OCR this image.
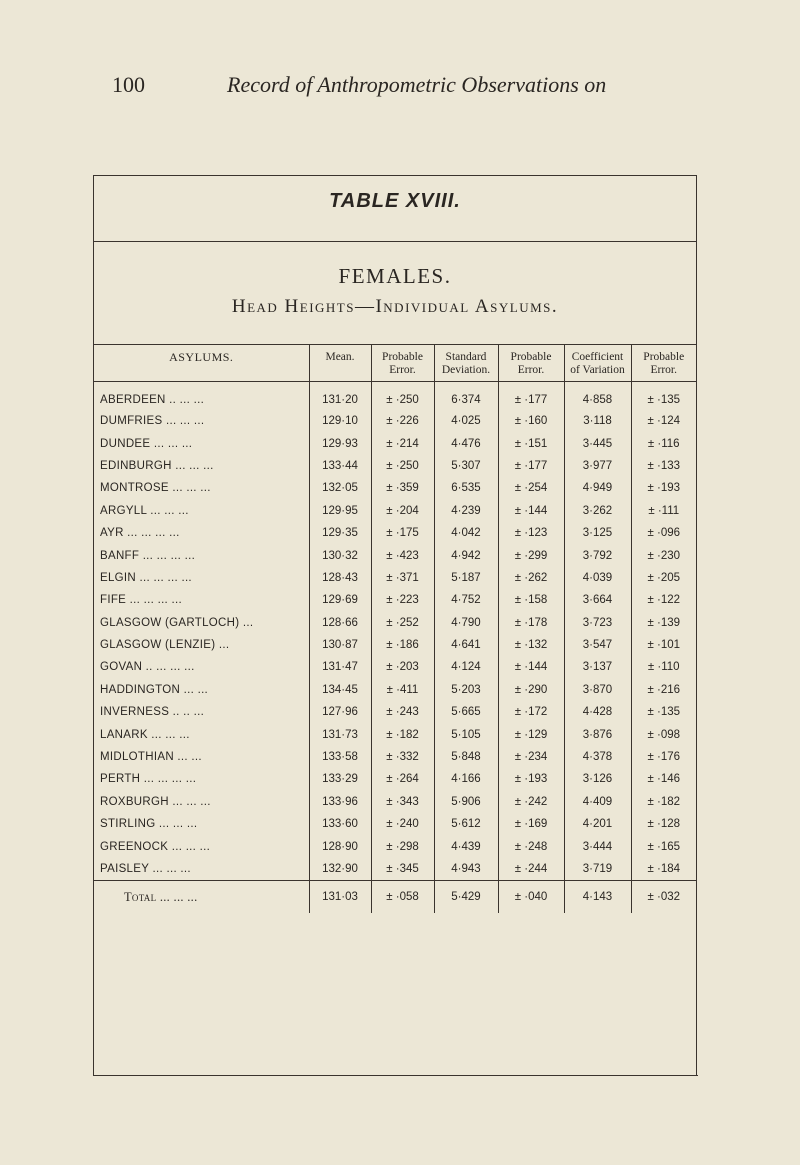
100	Record of Anthropometric Observations on
TABLE XVIII.
FEMALES.
Head Heights—Individual Asylums.
ASYLUMS.	Mean.	Probable Error.	Standard Deviation.	Probable Error.	Coefficient of Variation	Probable Error.
ABERDEEN .. ... ...	131·20	± ·250	6·374	± ·177	4·858	± ·135
DUMFRIES ... ... ...	129·10	± ·226	4·025	± ·160	3·118	± ·124
DUNDEE ... ... ...	129·93	± ·214	4·476	± ·151	3·445	± ·116
EDINBURGH ... ... ...	133·44	± ·250	5·307	± ·177	3·977	± ·133
MONTROSE ... ... ...	132·05	± ·359	6·535	± ·254	4·949	± ·193
ARGYLL ... ... ...	129·95	± ·204	4·239	± ·144	3·262	± ·111
AYR ... ... ... ...	129·35	± ·175	4·042	± ·123	3·125	± ·096
BANFF ... ... ... ...	130·32	± ·423	4·942	± ·299	3·792	± ·230
ELGIN ... ... ... ...	128·43	± ·371	5·187	± ·262	4·039	± ·205
FIFE ... ... ... ...	129·69	± ·223	4·752	± ·158	3·664	± ·122
GLASGOW (GARTLOCH) ...	128·66	± ·252	4·790	± ·178	3·723	± ·139
GLASGOW (LENZIE) ...	130·87	± ·186	4·641	± ·132	3·547	± ·101
GOVAN .. ... ... ...	131·47	± ·203	4·124	± ·144	3·137	± ·110
HADDINGTON ... ...	134·45	± ·411	5·203	± ·290	3·870	± ·216
INVERNESS .. .. ...	127·96	± ·243	5·665	± ·172	4·428	± ·135
LANARK ... ... ...	131·73	± ·182	5·105	± ·129	3·876	± ·098
MIDLOTHIAN ... ...	133·58	± ·332	5·848	± ·234	4·378	± ·176
PERTH ... ... ... ...	133·29	± ·264	4·166	± ·193	3·126	± ·146
ROXBURGH ... ... ...	133·96	± ·343	5·906	± ·242	4·409	± ·182
STIRLING ... ... ...	133·60	± ·240	5·612	± ·169	4·201	± ·128
GREENOCK ... ... ...	128·90	± ·298	4·439	± ·248	3·444	± ·165
PAISLEY ... ... ...	132·90	± ·345	4·943	± ·244	3·719	± ·184
Total ... ... ...	131·03	± ·058	5·429	± ·040	4·143	± ·032
